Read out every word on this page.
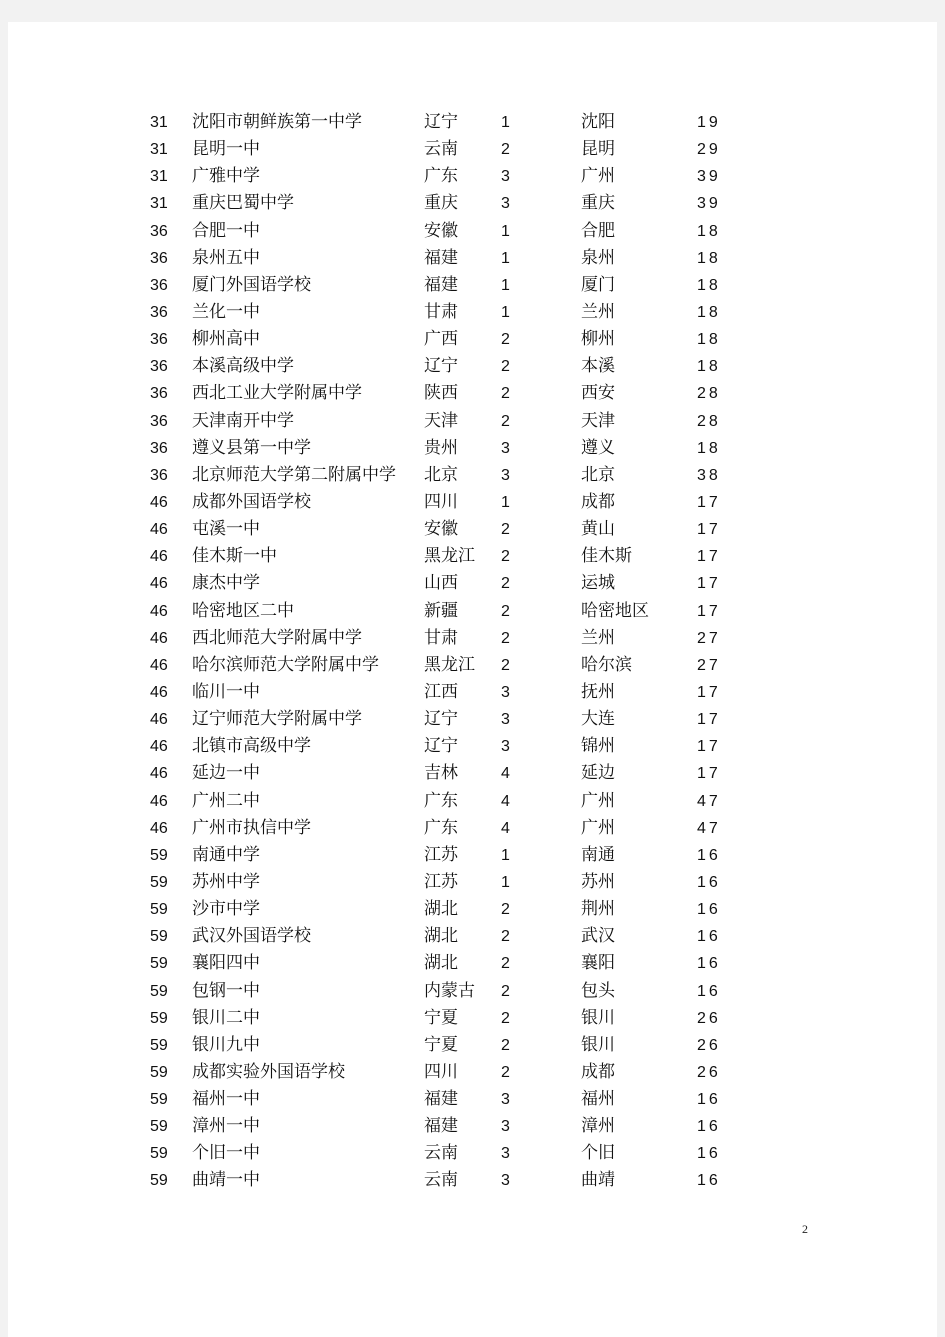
31 沈阳市朝鲜族第一中学	辽宁	1	沈阳	19
31 昆明一中	云南	2	昆明	29
31 广雅中学	广东	3	广州	39
31 重庆巴蜀中学	重庆	3	重庆	39
36 合肥一中	安徽	1	合肥	18
36 泉州五中	福建	1	泉州	18
36 厦门外国语学校	福建	1	厦门	18
36 兰化一中	甘肃	1	兰州	18
36 柳州高中	广西	2	柳州	18
36 本溪高级中学	辽宁	2	本溪	18
36 西北工业大学附属中学	陕西	2	西安	28
36 天津南开中学	天津	2	天津	28
36 遵义县第一中学	贵州	3	遵义	18
36 北京师范大学第二附属中学 北京	3	北京	38
46 成都外国语学校	四川	1	成都	17
46 屯溪一中	安徽	2	黄山	17
46 佳木斯一中	黑龙江 2	佳木斯	17
46 康杰中学	山西	2	运城	17
46 哈密地区二中	新疆	2	哈密地区	17
46 西北师范大学附属中学	甘肃	2	兰州	27
46 哈尔滨师范大学附属中学	黑龙江 2	哈尔滨	27
46 临川一中	江西	3	抚州	17
46 辽宁师范大学附属中学	辽宁	3	大连	17
46 北镇市高级中学	辽宁	3	锦州	17
46 延边一中	吉林	4	延边	17
46 广州二中	广东	4	广州	47
46 广州市执信中学	广东	4	广州	47
59 南通中学	江苏	1	南通	16
59 苏州中学	江苏	1	苏州	16
59 沙市中学	湖北	2	荆州	16
59 武汉外国语学校	湖北	2	武汉	16
59 襄阳四中	湖北	2	襄阳	16
59 包钢一中	内蒙古 2	包头	16
59 银川二中	宁夏	2	银川	26
59 银川九中	宁夏	2	银川	26
59 成都实验外国语学校	四川	2	成都	26
59 福州一中	福建	3	福州	16
59 漳州一中	福建	3	漳州	16
59 个旧一中	云南	3	个旧	16
59 曲靖一中	云南	3	曲靖	16
2
